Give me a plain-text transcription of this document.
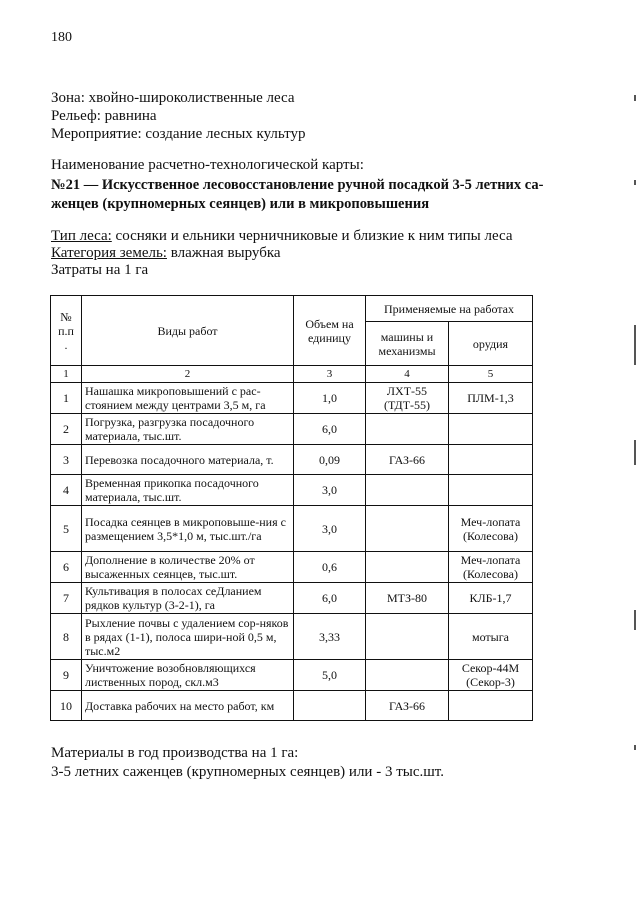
180
Зона: хвойно-широколиственные леса
Рельеф: равнина
Мероприятие: создание лесных культур
Наименование расчетно-технологической карты:
№21 — Искусственное лесовосстановление ручной посадкой 3-5 летних са-
женцев (крупномерных сеянцев) или в микроповышения
Тип леса: сосняки и ельники черничниковые и близкие к ним типы леса
Категория земель: влажная вырубка
Затраты на 1 га
№
п.п
.	Виды работ	Объем на единицу	Применяемые на работах	
			машины и механизмы	орудия
1	2	3	4	5
1	Нашашка микроповышений с рас-стоянием между центрами 3,5 м, га	1,0	ЛХТ-55 (ТДТ-55)	ПЛМ-1,3
2	Погрузка, разгрузка посадочного материала, тыс.шт.	6,0		
3	Перевозка посадочного материала, т.	0,09	ГАЗ-66	
4	Временная прикопка посадочного материала, тыс.шт.	3,0		
5	Посадка сеянцев в микроповыше-ния с размещением 3,5*1,0 м, тыс.шт./га	3,0		Меч-лопата (Колесова)
6	Дополнение в количестве 20% от высаженных сеянцев, тыс.шт.	0,6		Меч-лопата (Колесова)
7	Культивация в полосах сеДланием рядков культур (3-2-1), га	6,0	МТЗ-80	КЛБ-1,7
8	Рыхление почвы с удалением сор-няков в рядах (1-1), полоса шири-ной 0,5 м, тыс.м2	3,33		мотыга
9	Уничтожение возобновляющихся лиственных пород, скл.м3	5,0		Секор-44М (Секор-3)
10	Доставка рабочих на место работ, км		ГАЗ-66	
Материалы в год производства на 1 га:
3-5 летних саженцев (крупномерных сеянцев) или - 3 тыс.шт.
